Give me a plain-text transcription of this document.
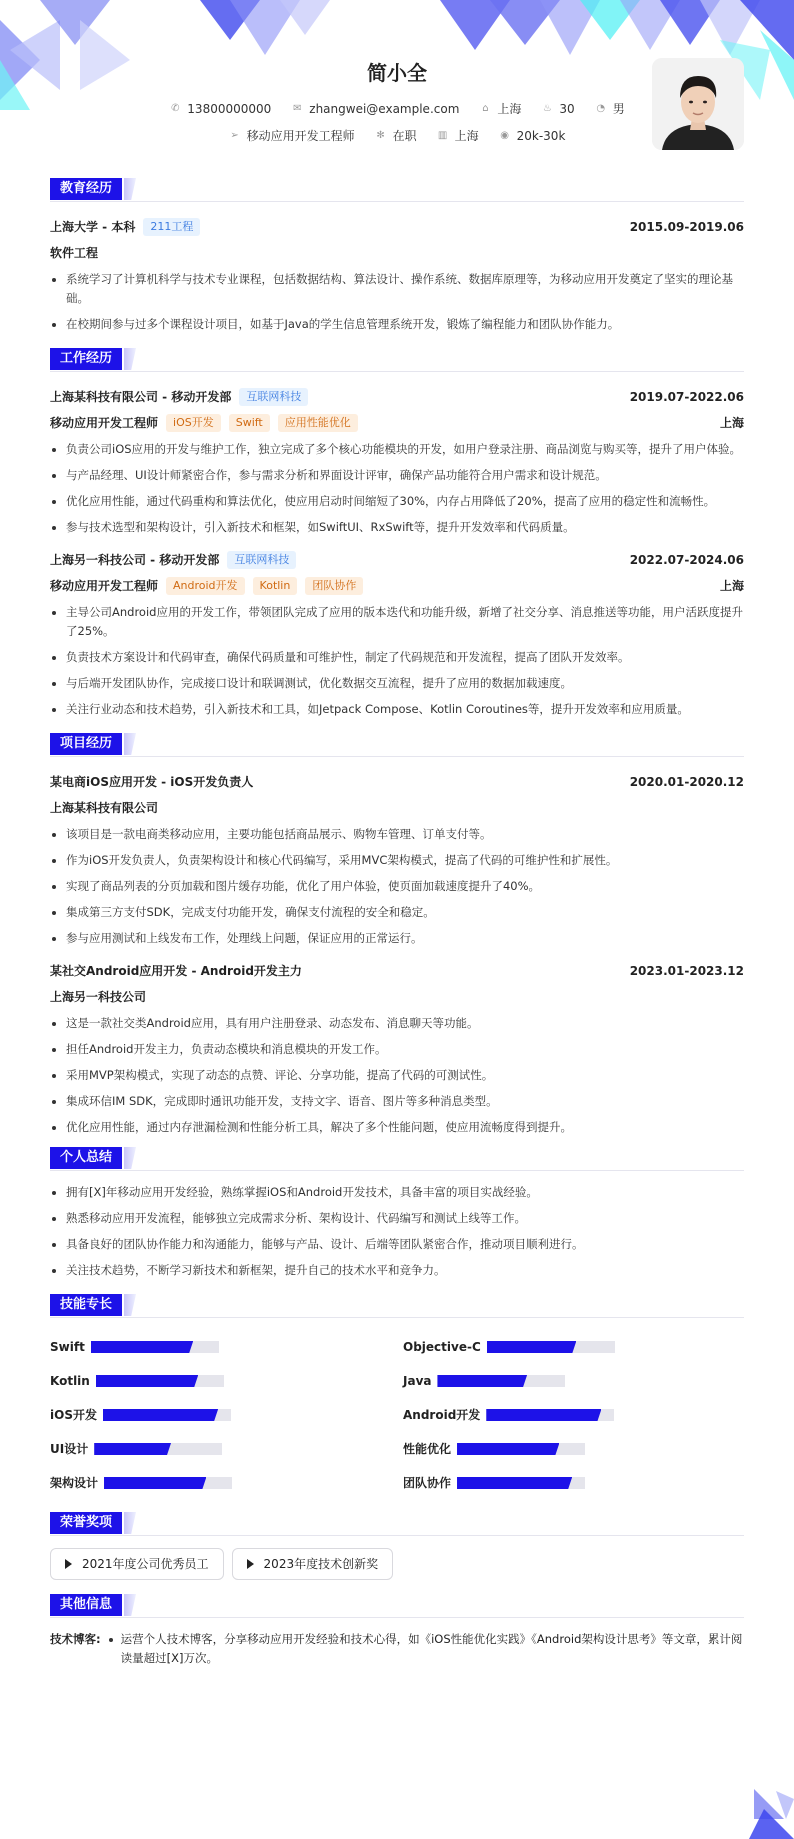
简小全
✆ 13800000000 ✉ zhangwei@example.com ⌂ 上海 ♨ 30 ◔ 男
➢ 移动应用开发工程师 ✻ 在职 ▥ 上海 ◉ 20k-30k
教育经历
上海大学 - 本科	211工程	2015.09-2019.06
软件工程
系统学习了计算机科学与技术专业课程，包括数据结构、算法设计、操作系统、数据库原理等，为移动应用开发奠定了坚实的理论基础。
在校期间参与过多个课程设计项目，如基于Java的学生信息管理系统开发，锻炼了编程能力和团队协作能力。
工作经历
上海某科技有限公司 - 移动开发部	互联网科技	2019.07-2022.06
移动应用开发工程师	iOS开发	Swift	应用性能优化	上海
负责公司iOS应用的开发与维护工作，独立完成了多个核心功能模块的开发，如用户登录注册、商品浏览与购买等，提升了用户体验。
与产品经理、UI设计师紧密合作，参与需求分析和界面设计评审，确保产品功能符合用户需求和设计规范。
优化应用性能，通过代码重构和算法优化，使应用启动时间缩短了30%，内存占用降低了20%，提高了应用的稳定性和流畅性。
参与技术选型和架构设计，引入新技术和框架，如SwiftUI、RxSwift等，提升开发效率和代码质量。
上海另一科技公司 - 移动开发部	互联网科技	2022.07-2024.06
移动应用开发工程师	Android开发	Kotlin	团队协作	上海
主导公司Android应用的开发工作，带领团队完成了应用的版本迭代和功能升级，新增了社交分享、消息推送等功能，用户活跃度提升了25%。
负责技术方案设计和代码审查，确保代码质量和可维护性，制定了代码规范和开发流程，提高了团队开发效率。
与后端开发团队协作，完成接口设计和联调测试，优化数据交互流程，提升了应用的数据加载速度。
关注行业动态和技术趋势，引入新技术和工具，如Jetpack Compose、Kotlin Coroutines等，提升开发效率和应用质量。
项目经历
某电商iOS应用开发 - iOS开发负责人	2020.01-2020.12
上海某科技有限公司
该项目是一款电商类移动应用，主要功能包括商品展示、购物车管理、订单支付等。
作为iOS开发负责人，负责架构设计和核心代码编写，采用MVC架构模式，提高了代码的可维护性和扩展性。
实现了商品列表的分页加载和图片缓存功能，优化了用户体验，使页面加载速度提升了40%。
集成第三方支付SDK，完成支付功能开发，确保支付流程的安全和稳定。
参与应用测试和上线发布工作，处理线上问题，保证应用的正常运行。
某社交Android应用开发 - Android开发主力	2023.01-2023.12
上海另一科技公司
这是一款社交类Android应用，具有用户注册登录、动态发布、消息聊天等功能。
担任Android开发主力，负责动态模块和消息模块的开发工作。
采用MVP架构模式，实现了动态的点赞、评论、分享功能，提高了代码的可测试性。
集成环信IM SDK，完成即时通讯功能开发，支持文字、语音、图片等多种消息类型。
优化应用性能，通过内存泄漏检测和性能分析工具，解决了多个性能问题，使应用流畅度得到提升。
个人总结
拥有[X]年移动应用开发经验，熟练掌握iOS和Android开发技术，具备丰富的项目实战经验。
熟悉移动应用开发流程，能够独立完成需求分析、架构设计、代码编写和测试上线等工作。
具备良好的团队协作能力和沟通能力，能够与产品、设计、后端等团队紧密合作，推动项目顺利进行。
关注技术趋势，不断学习新技术和新框架，提升自己的技术水平和竞争力。
技能专长
Swift	Objective-C
Kotlin	Java
iOS开发	Android开发
UI设计	性能优化
架构设计	团队协作
荣誉奖项
2021年度公司优秀员工	2023年度技术创新奖
其他信息
技术博客:	运营个人技术博客，分享移动应用开发经验和技术心得，如《iOS性能优化实践》《Android架构设计思考》等文章，累计阅读量超过[X]万次。
